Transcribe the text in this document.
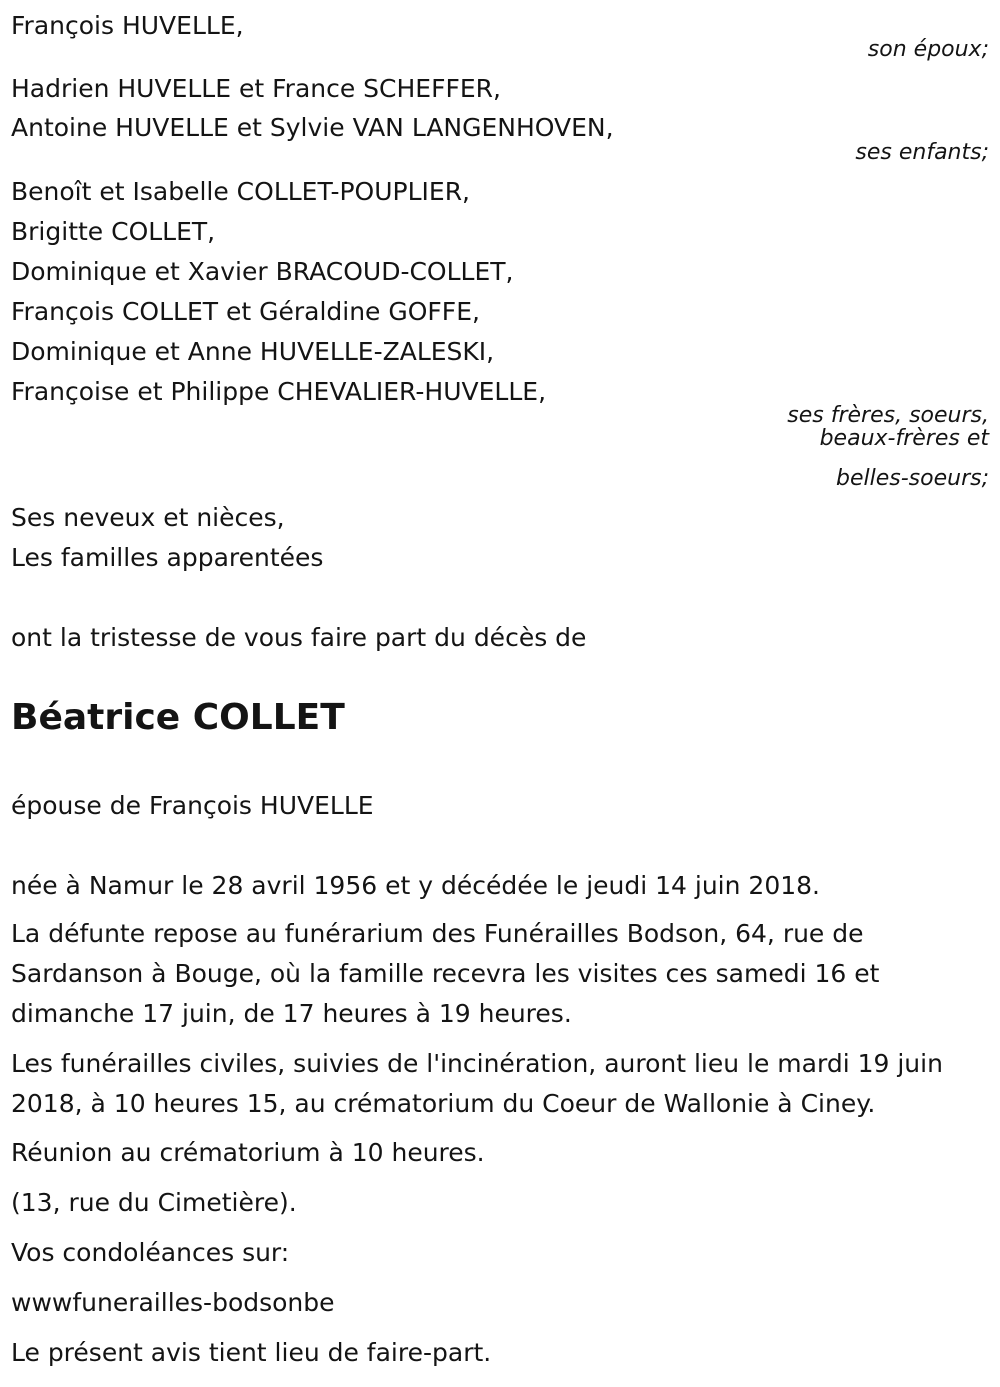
François HUVELLE,
son époux;
Hadrien HUVELLE et France SCHEFFER,
Antoine HUVELLE et Sylvie VAN LANGENHOVEN,
ses enfants;
Benoît et Isabelle COLLET-POUPLIER,
Brigitte COLLET,
Dominique et Xavier BRACOUD-COLLET,
François COLLET et Géraldine GOFFE,
Dominique et Anne HUVELLE-ZALESKI,
Françoise et Philippe CHEVALIER-HUVELLE,
ses frères, soeurs,
beaux-frères et
belles-soeurs;
Ses neveux et nièces,
Les familles apparentées
ont la tristesse de vous faire part du décès de
Béatrice COLLET
épouse de François HUVELLE
née à Namur le 28 avril 1956 et y décédée le jeudi 14 juin 2018.
La défunte repose au funérarium des Funérailles Bodson, 64, rue de
Sardanson à Bouge, où la famille recevra les visites ces samedi 16 et
dimanche 17 juin, de 17 heures à 19 heures.
Les funérailles civiles, suivies de l'incinération, auront lieu le mardi 19 juin
2018, à 10 heures 15, au crématorium du Coeur de Wallonie à Ciney.
Réunion au crématorium à 10 heures.
(13, rue du Cimetière).
Vos condoléances sur:
wwwfunerailles-bodsonbe
Le présent avis tient lieu de faire-part.
